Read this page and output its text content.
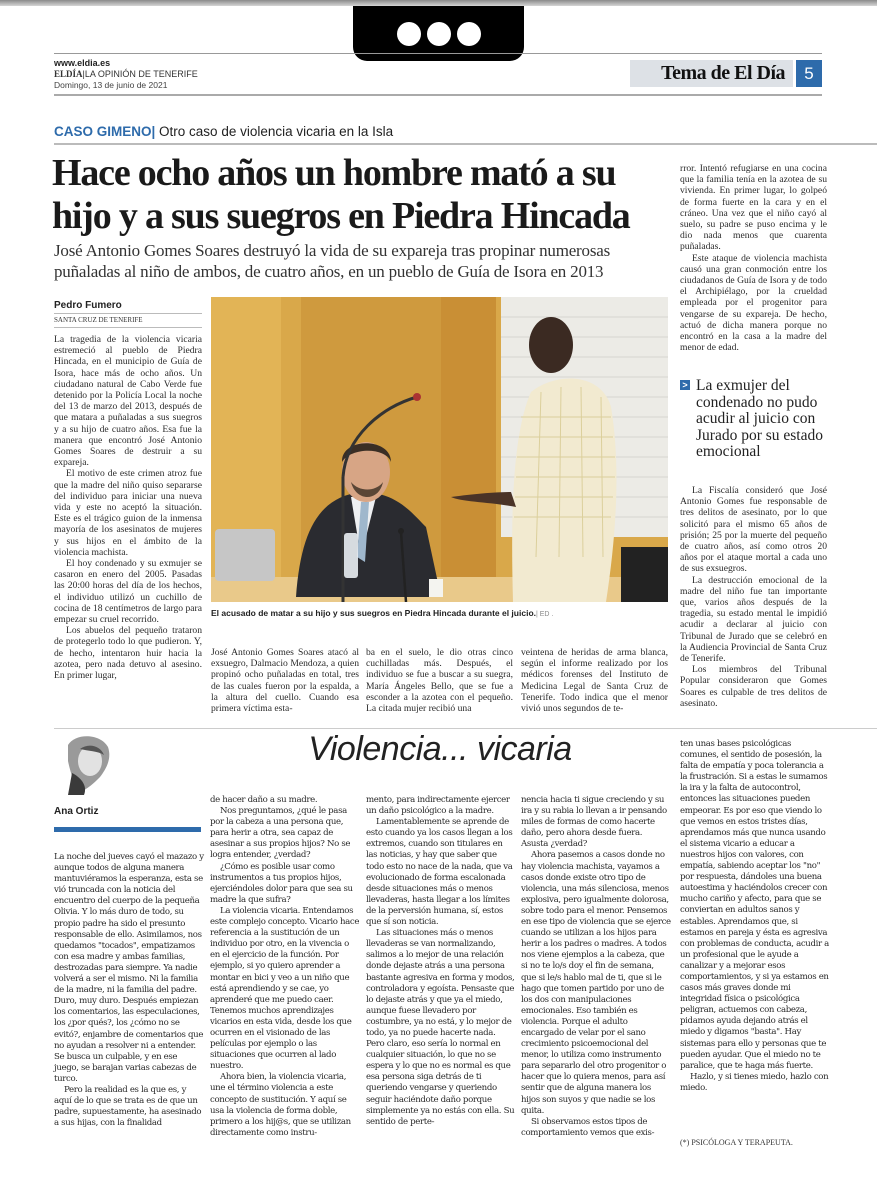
www.eldia.es
ELDÍA|LA OPINIÓN DE TENERIFE
Domingo, 13 de junio de 2021
Tema de El Día	5
CASO GIMENO| Otro caso de violencia vicaria en la Isla
Hace ocho años un hombre mató a su hijo y a sus suegros en Piedra Hincada
José Antonio Gomes Soares destruyó la vida de su expareja tras propinar numerosas puñaladas al niño de ambos, de cuatro años, en un pueblo de Guía de Isora en 2013
Pedro Fumero
SANTA CRUZ DE TENERIFE

La tragedia de la violencia vicaria estremeció al pueblo de Piedra Hincada, en el municipio de Guía de Isora, hace más de ocho años. Un ciudadano natural de Cabo Verde fue detenido por la Policía Local la noche del 13 de marzo del 2013, después de que matara a puñaladas a sus suegros y a su hijo de cuatro años. Esa fue la manera que encontró José Antonio Gomes Soares de destruir a su expareja.

El motivo de este crimen atroz fue que la madre del niño quiso separarse del individuo para iniciar una nueva vida y este no aceptó la situación. Este es el trágico guion de la inmensa mayoría de los asesinatos de mujeres y sus hijos en el ámbito de la violencia machista.

El hoy condenado y su exmujer se casaron en enero del 2005. Pasadas las 20:00 horas del día de los hechos, el individuo utilizó un cuchillo de cocina de 18 centímetros de largo para empezar su cruel recorrido.

Los abuelos del pequeño trataron de protegerlo todo lo que pudieron. Y, de hecho, intentaron huir hacia la azotea, pero nada detuvo al asesino. En primer lugar,

El acusado de matar a su hijo y sus suegros en Piedra Hincada durante el juicio.| ED .

José Antonio Gomes Soares atacó al exsuegro, Dalmacio Mendoza, a quien propinó ocho puñaladas en total, tres de las cuales fueron por la espalda, a la altura del cuello. Cuando esa primera víctima esta-

ba en el suelo, le dio otras cinco cuchilladas más. Después, el individuo se fue a buscar a su suegra, María Ángeles Bello, que se fue a esconder a la azotea con el pequeño. La citada mujer recibió una

veintena de heridas de arma blanca, según el informe realizado por los médicos forenses del Instituto de Medicina Legal de Santa Cruz de Tenerife. Todo indica que el menor vivió unos segundos de te-

rror. Intentó refugiarse en una cocina que la familia tenía en la azotea de su vivienda. En primer lugar, lo golpeó de forma fuerte en la cara y en el cráneo. Una vez que el niño cayó al suelo, su padre se puso encima y le dio nada menos que cuarenta puñaladas.

Este ataque de violencia machista causó una gran conmoción entre los ciudadanos de Guía de Isora y de todo el Archipiélago, por la crueldad empleada por el progenitor para vengarse de su expareja. De hecho, actuó de dicha manera porque no encontró en la casa a la madre del menor de edad.

> La exmujer del condenado no pudo acudir al juicio con Jurado por su estado emocional

La Fiscalía consideró que José Antonio Gomes fue responsable de tres delitos de asesinato, por lo que solicitó para el mismo 65 años de prisión; 25 por la muerte del pequeño de cuatro años, así como otros 20 años por el ataque mortal a cada uno de sus exsuegros.

La destrucción emocional de la madre del niño fue tan importante que, varios años después de la tragedia, su estado mental le impidió acudir a declarar al juicio con Tribunal de Jurado que se celebró en la Audiencia Provincial de Santa Cruz de Tenerife.

Los miembros del Tribunal Popular consideraron que Gomes Soares es culpable de tres delitos de asesinato.

Ana Ortiz
Violencia... vicaria

La noche del jueves cayó el mazazo y aunque todos de alguna manera mantuviéramos la esperanza, esta se vió truncada con la noticia del encuentro del cuerpo de la pequeña Olivia. Y lo más duro de todo, su propio padre ha sido el presunto responsable de ello. Asimilamos, nos quedamos "tocados", empatizamos con esa madre y ambas familias, destrozadas para siempre. Ya nadie volverá a ser el mismo. Ni la familia de la madre, ni la familia del padre. Duro, muy duro. Después empiezan los comentarios, las especulaciones, los ¿por qués?, los ¿cómo no se evitó?, enjambre de comentarios que no ayudan a resolver ni a entender. Se busca un culpable, y en ese juego, se barajan varias cabezas de turco.

Pero la realidad es la que es, y aquí de lo que se trata es de que un padre, supuestamente, ha asesinado a sus hijas, con la finalidad

de hacer daño a su madre.

Nos preguntamos, ¿qué le pasa por la cabeza a una persona que, para herir a otra, sea capaz de asesinar a sus propios hijos? No se logra entender, ¿verdad?

¿Cómo es posible usar como instrumentos a tus propios hijos, ejerciéndoles dolor para que sea su madre la que sufra?

La violencia vicaria. Entendamos este complejo concepto. Vicario hace referencia a la sustitución de un individuo por otro, en la vivencia o en el ejercicio de la función. Por ejemplo, si yo quiero aprender a montar en bici y veo a un niño que está aprendiendo y se cae, yo aprenderé que me puedo caer. Tenemos muchos aprendizajes vicarios en esta vida, desde los que ocurren en el visionado de las películas por ejemplo o las situaciones que ocurren al lado nuestro.

Ahora bien, la violencia vicaria, une el término violencia a este concepto de sustitución. Y aquí se usa la violencia de forma doble, primero a los hij@s, que se utilizan directamente como instru-

mento, para indirectamente ejercer un daño psicológico a la madre.

Lamentablemente se aprende de esto cuando ya los casos llegan a los extremos, cuando son titulares en las noticias, y hay que saber que todo esto no nace de la nada, que va evolucionado de forma escalonada desde situaciones más o menos llevaderas, hasta llegar a los límites de la perversión humana, sí, estos que sí son noticia.

Las situaciones más o menos llevaderas se van normalizando, salimos a lo mejor de una relación donde dejaste atrás a una persona bastante agresiva en forma y modos, controladora y egoísta. Pensaste que lo dejaste atrás y que ya el miedo, aunque fuese llevadero por costumbre, ya no está, y lo mejor de todo, ya no puede hacerte nada. Pero claro, eso sería lo normal en cualquier situación, lo que no se espera y lo que no es normal es que esa persona siga detrás de ti queriendo vengarse y queriendo seguir haciéndote daño porque simplemente ya no estás con ella. Su sentido de perte-

nencia hacia ti sigue creciendo y su ira y su rabia lo llevan a ir pensando miles de formas de como hacerte daño, pero ahora desde fuera. Asusta ¿verdad?

Ahora pasemos a casos donde no hay violencia machista, vayamos a casos donde existe otro tipo de violencia, una más silenciosa, menos explosiva, pero igualmente dolorosa, sobre todo para el menor. Pensemos en ese tipo de violencia que se ejerce cuando se utilizan a los hijos para herir a los padres o madres. A todos nos viene ejemplos a la cabeza, que si no te lo/s doy el fin de semana, que si le/s hablo mal de ti, que si le hago que tomen partido por uno de los dos con manipulaciones emocionales. Eso también es violencia. Porque el adulto encargado de velar por el sano crecimiento psicoemocional del menor, lo utiliza como instrumento para separarlo del otro progenitor o hacer que lo quiera menos, para así sentir que de alguna manera los hijos son suyos y que nadie se los quita.

Si observamos estos tipos de comportamiento vemos que exis-

ten unas bases psicológicas comunes, el sentido de posesión, la falta de empatía y poca tolerancia a la frustración. Si a estas le sumamos la ira y la falta de autocontrol, entonces las situaciones pueden empeorar. Es por eso que viendo lo que vemos en estos tristes días, aprendamos más que nunca usando el sistema vicario a educar a nuestros hijos con valores, con empatía, sabiendo aceptar los "no" por respuesta, dándoles una buena autoestima y haciéndolos crecer con mucho cariño y afecto, para que se conviertan en adultos sanos y estables. Aprendamos que, si estamos en pareja y ésta es agresiva con problemas de conducta, acudir a un profesional que le ayude a canalizar y a mejorar esos comportamientos, y si ya estamos en casos más graves donde mi integridad física o psicológica peligran, actuemos con cabeza, pidamos ayuda dejando atrás el miedo y digamos "basta". Hay sistemas para ello y personas que te pueden ayudar. Que el miedo no te paralice, que te haga más fuerte.

Hazlo, y si tienes miedo, hazlo con miedo.

(*) PSICÓLOGA Y TERAPEUTA.
